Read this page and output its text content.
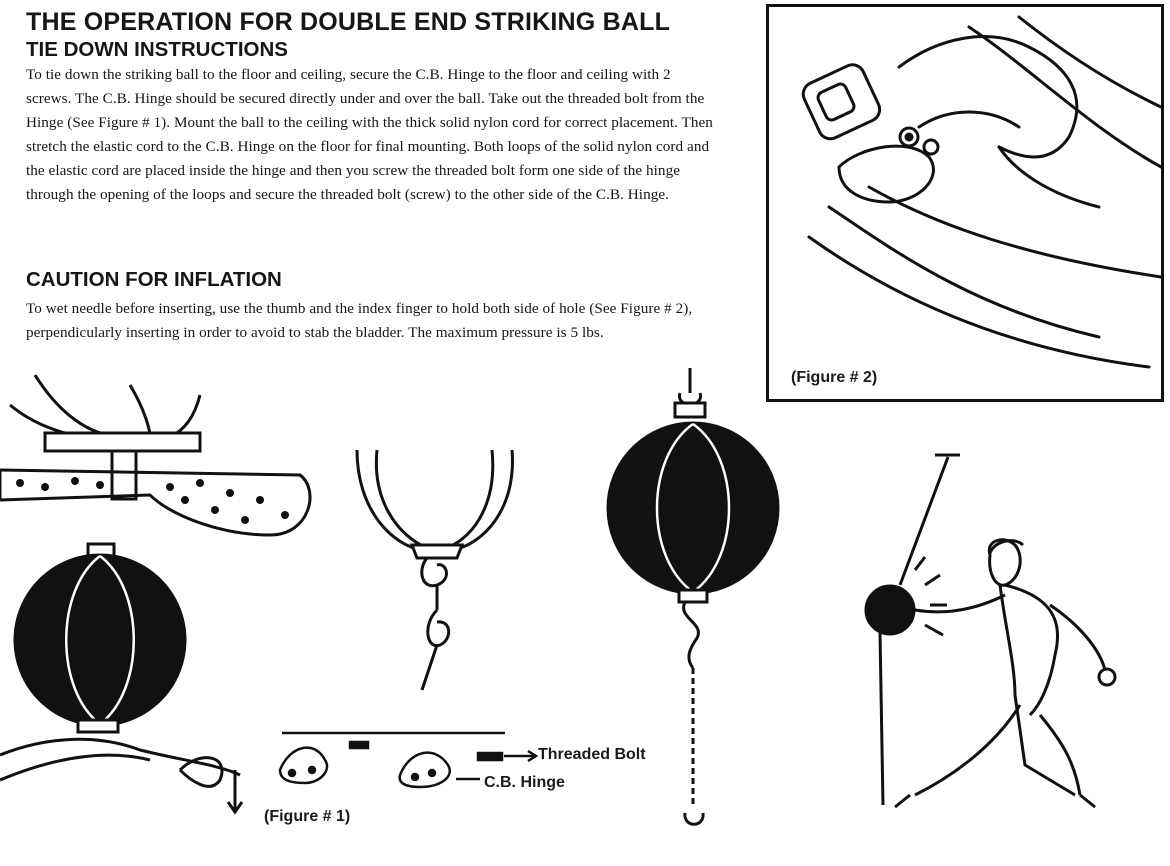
THE OPERATION FOR DOUBLE END STRIKING BALL
TIE DOWN INSTRUCTIONS
To tie down the striking ball to the floor and ceiling, secure the C.B. Hinge to the floor and ceiling with 2 screws. The C.B. Hinge should be secured directly under and over the ball. Take out the threaded bolt from the Hinge (See Figure # 1). Mount the ball to the ceiling with the thick solid nylon cord for correct placement. Then stretch the elastic cord to the C.B. Hinge on the floor for final mounting. Both loops of the solid nylon cord and the elastic cord are placed inside the hinge and then you screw the threaded bolt form one side of the hinge through the opening of the loops and secure the threaded bolt (screw) to the other side of the C.B. Hinge.
CAUTION FOR INFLATION
To wet needle before inserting, use the thumb and the index finger to hold both side of hole (See Figure # 2), perpendicularly inserting in order to avoid to stab the bladder. The maximum pressure is 5 lbs.
(Figure # 2)
Threaded Bolt
C.B. Hinge
(Figure # 1)
